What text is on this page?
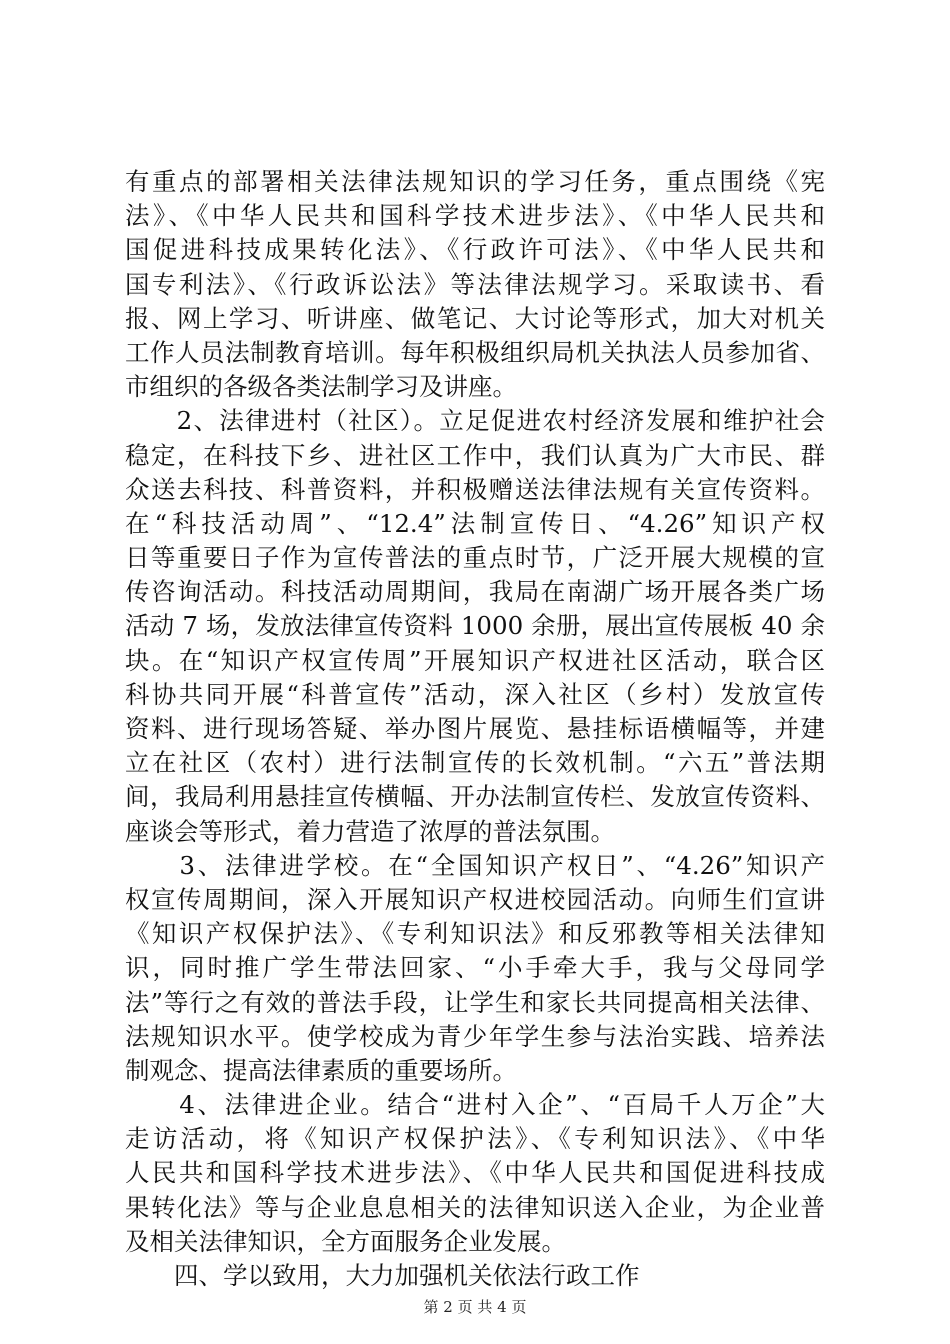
有重点的部署相关法律法规知识的学习任务，重点围绕《宪
法》、《中华人民共和国科学技术进步法》、《中华人民共和
国促进科技成果转化法》、《行政许可法》、《中华人民共和
国专利法》、《行政诉讼法》等法律法规学习。采取读书、看
报、网上学习、听讲座、做笔记、大讨论等形式，加大对机关
工作人员法制教育培训。每年积极组织局机关执法人员参加省、
市组织的各级各类法制学习及讲座。
　　2、法律进村（社区）。立足促进农村经济发展和维护社会
稳定，在科技下乡、进社区工作中，我们认真为广大市民、群
众送去科技、科普资料，并积极赠送法律法规有关宣传资料。
在“科技活动周”、“12.4”法制宣传日、“4.26”知识产权
日等重要日子作为宣传普法的重点时节，广泛开展大规模的宣
传咨询活动。科技活动周期间，我局在南湖广场开展各类广场
活动 7 场，发放法律宣传资料 1000 余册，展出宣传展板 40 余
块。在“知识产权宣传周”开展知识产权进社区活动，联合区
科协共同开展“科普宣传”活动，深入社区（乡村）发放宣传
资料、进行现场答疑、举办图片展览、悬挂标语横幅等，并建
立在社区（农村）进行法制宣传的长效机制。“六五”普法期
间，我局利用悬挂宣传横幅、开办法制宣传栏、发放宣传资料、
座谈会等形式，着力营造了浓厚的普法氛围。
　　3、法律进学校。在“全国知识产权日”、“4.26”知识产
权宣传周期间，深入开展知识产权进校园活动。向师生们宣讲
《知识产权保护法》、《专利知识法》和反邪教等相关法律知
识，同时推广学生带法回家、“小手牵大手，我与父母同学
法”等行之有效的普法手段，让学生和家长共同提高相关法律、
法规知识水平。使学校成为青少年学生参与法治实践、培养法
制观念、提高法律素质的重要场所。
　　4、法律进企业。结合“进村入企”、“百局千人万企”大
走访活动，将《知识产权保护法》、《专利知识法》、《中华
人民共和国科学技术进步法》、《中华人民共和国促进科技成
果转化法》等与企业息息相关的法律知识送入企业，为企业普
及相关法律知识，全方面服务企业发展。
　　四、学以致用，大力加强机关依法行政工作
第 2 页 共 4 页
